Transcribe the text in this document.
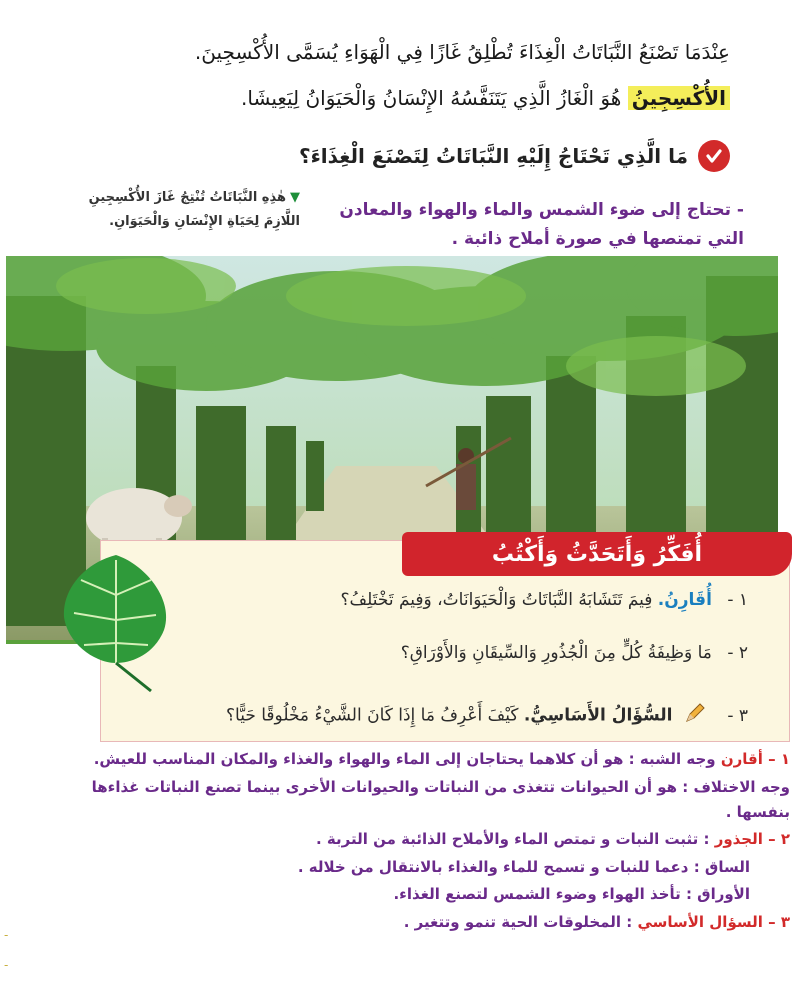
عِنْدَمَا تَصْنَعُ النَّبَاتَاتُ الْغِذَاءَ تُطْلِقُ غَازًا فِي الْهَوَاءِ يُسَمَّى الأُكْسِجِينَ.
الأُكْسِجِينُ هُوَ الْغَازُ الَّذِي يَتَنَفَّسُهُ الإِنْسَانُ وَالْحَيَوَانُ لِيَعِيشَا.
مَا الَّذِي تَحْتَاجُ إِلَيْهِ النَّبَاتَاتُ لِتَصْنَعَ الْغِذَاءَ؟
- تحتاج إلى ضوء الشمس والماء والهواء والمعادن
التي تمتصها في صورة أملاح ذائبة .
▼هٰذِهِ النَّبَاتَاتُ تُنْتِجُ غَازَ الأُكْسِجِينِ
اللَّازِمَ لِحَيَاةِ الإِنْسَانِ وَالْحَيَوَانِ.
أُفَكِّرُ وَأَتَحَدَّثُ وَأَكْتُبُ
١ - أُقَارِنُ. فِيمَ تَتَشَابَهُ النَّبَاتَاتُ وَالْحَيَوَانَاتُ، وَفِيمَ تَخْتَلِفُ؟
٢ - مَا وَظِيفَةُ كُلٍّ مِنَ الْجُذُورِ وَالسِّيقَانِ وَالأَوْرَاقِ؟
٣ -  السُّؤَالُ الأَسَاسِيُّ. كَيْفَ أَعْرِفُ مَا إِذَا كَانَ الشَّيْءُ مَخْلُوقًا حَيًّا؟
١ – أقارن وجه الشبه : هو أن كلاهما يحتاجان إلى الماء والهواء والغذاء والمكان المناسب للعيش.
وجه الاختلاف : هو أن الحيوانات تتغذى من النباتات والحيوانات الأخرى بينما تصنع النباتات غذاءها
بنفسها .
٢ – الجذور : تثبت النبات و تمتص الماء والأملاح الذائبة من التربة .
الساق : دعما للنبات و تسمح للماء والغذاء بالانتقال من خلاله .
الأوراق : تأخذ الهواء وضوء الشمس لتصنع الغذاء.
٣ – السؤال الأساسي : المخلوقات الحية تنمو وتتغير .
-
-
